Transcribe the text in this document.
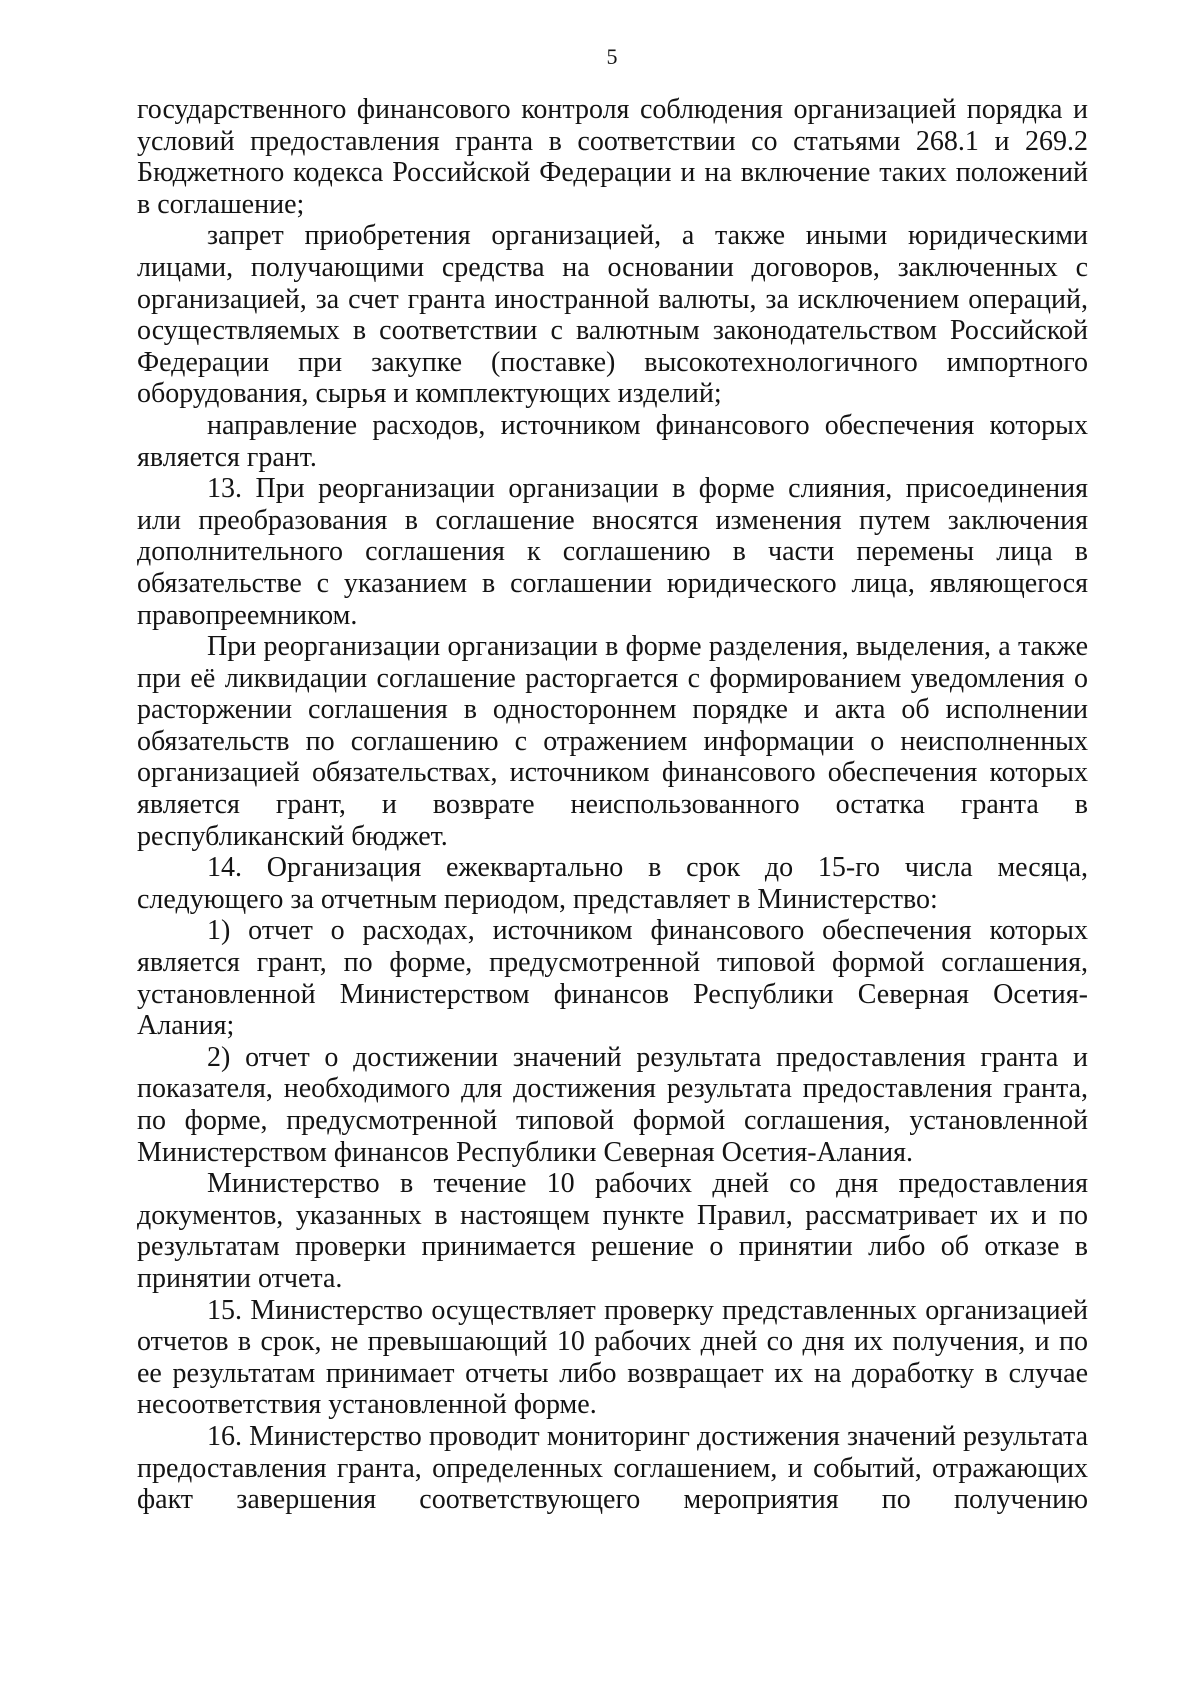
5

государственного финансового контроля соблюдения организацией порядка и условий предоставления гранта в соответствии со статьями 268.1 и 269.2 Бюджетного кодекса Российской Федерации и на включение таких положений в соглашение;

запрет приобретения организацией, а также иными юридическими лицами, получающими средства на основании договоров, заключенных с организацией, за счет гранта иностранной валюты, за исключением операций, осуществляемых в соответствии с валютным законодательством Российской Федерации при закупке (поставке) высокотехнологичного импортного оборудования, сырья и комплектующих изделий;

направление расходов, источником финансового обеспечения которых является грант.

13. При реорганизации организации в форме слияния, присоединения или преобразования в соглашение вносятся изменения путем заключения дополнительного соглашения к соглашению в части перемены лица в обязательстве с указанием в соглашении юридического лица, являющегося правопреемником.

При реорганизации организации в форме разделения, выделения, а также при её ликвидации соглашение расторгается с формированием уведомления о расторжении соглашения в одностороннем порядке и акта об исполнении обязательств по соглашению с отражением информации о неисполненных организацией обязательствах, источником финансового обеспечения которых является грант, и возврате неиспользованного остатка гранта в республиканский бюджет.

14. Организация ежеквартально в срок до 15-го числа месяца, следующего за отчетным периодом, представляет в Министерство:

1) отчет о расходах, источником финансового обеспечения которых является грант, по форме, предусмотренной типовой формой соглашения, установленной Министерством финансов Республики Северная Осетия-Алания;

2) отчет о достижении значений результата предоставления гранта и показателя, необходимого для достижения результата предоставления гранта, по форме, предусмотренной типовой формой соглашения, установленной Министерством финансов Республики Северная Осетия-Алания.

Министерство в течение 10 рабочих дней со дня предоставления документов, указанных в настоящем пункте Правил, рассматривает их и по результатам проверки принимается решение о принятии либо об отказе в принятии отчета.

15. Министерство осуществляет проверку представленных организацией отчетов в срок, не превышающий 10 рабочих дней со дня их получения, и по ее результатам принимает отчеты либо возвращает их на доработку в случае несоответствия установленной форме.

16. Министерство проводит мониторинг достижения значений результата предоставления гранта, определенных соглашением, и событий, отражающих факт завершения соответствующего мероприятия по получению
